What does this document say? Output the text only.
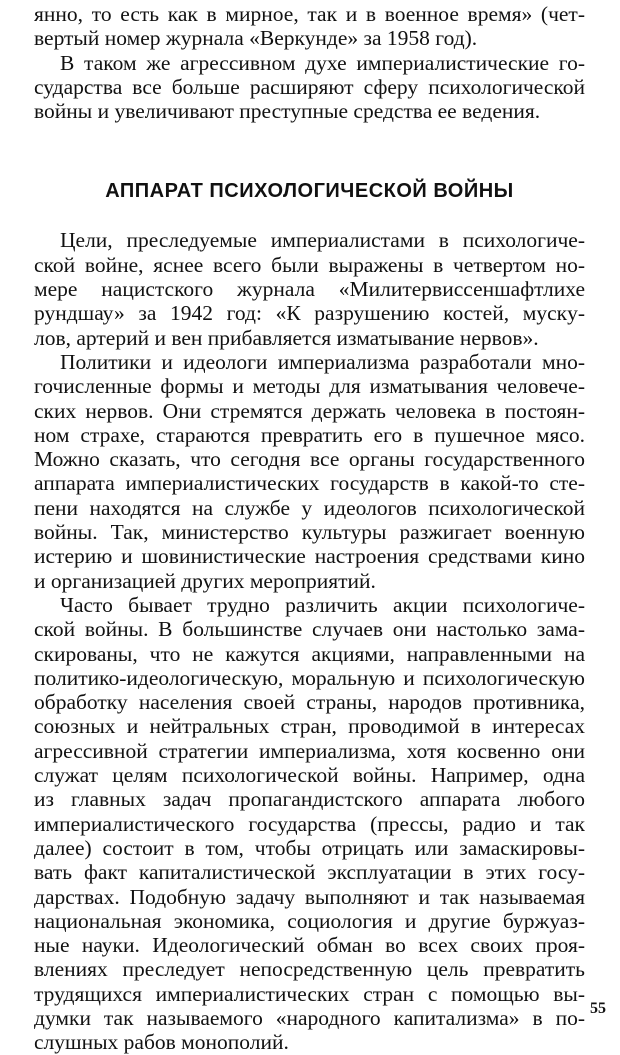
янно, то есть как в мирное, так и в военное время» (чет-
вертый номер журнала «Веркунде» за 1958 год).
В таком же агрессивном духе империалистические го-
сударства все больше расширяют сферу психологической
войны и увеличивают преступные средства ее ведения.
АППАРАТ ПСИХОЛОГИЧЕСКОЙ ВОЙНЫ
Цели, преследуемые империалистами в психологиче-
ской войне, яснее всего были выражены в четвертом но-
мере нацистского журнала «Милитервиссеншафтлихе
рундшау» за 1942 год: «К разрушению костей, мускy-
лов, артерий и вен прибавляется изматывание нервов».
Политики и идеологи империализма разработали мно-
гочисленные формы и методы для изматывания человече-
ских нервов. Они стремятся держать человека в постоян-
ном страхе, стараются превратить его в пушечное мясо.
Можно сказать, что сегодня все органы государственного
аппарата империалистических государств в какой-то сте-
пени находятся на службе у идеологов психологической
войны. Так, министерство культуры разжигает военную
истерию и шовинистические настроения средствами кино
и организацией других мероприятий.
Часто бывает трудно различить акции психологиче-
ской войны. В большинстве случаев они настолько зама-
скированы, что не кажутся акциями, направленными на
политико-идеологическую, моральную и психологическую
обработку населения своей страны, народов противника,
союзных и нейтральных стран, проводимой в интересах
агрессивной стратегии империализма, хотя косвенно они
служат целям психологической войны. Например, одна
из главных задач пропагандистского аппарата любого
империалистического государства (прессы, радио и так
далее) состоит в том, чтобы отрицать или замаскировы-
вать факт капиталистической эксплуатации в этих госу-
дарствах. Подобную задачу выполняют и так называемая
национальная экономика, социология и другие буржуаз-
ные науки. Идеологический обман во всех своих проя-
влениях преследует непосредственную цель превратить
трудящихся империалистических стран с помощью вы-
думки так называемого «народного капитализма» в по-
слушных рабов монополий.
55
